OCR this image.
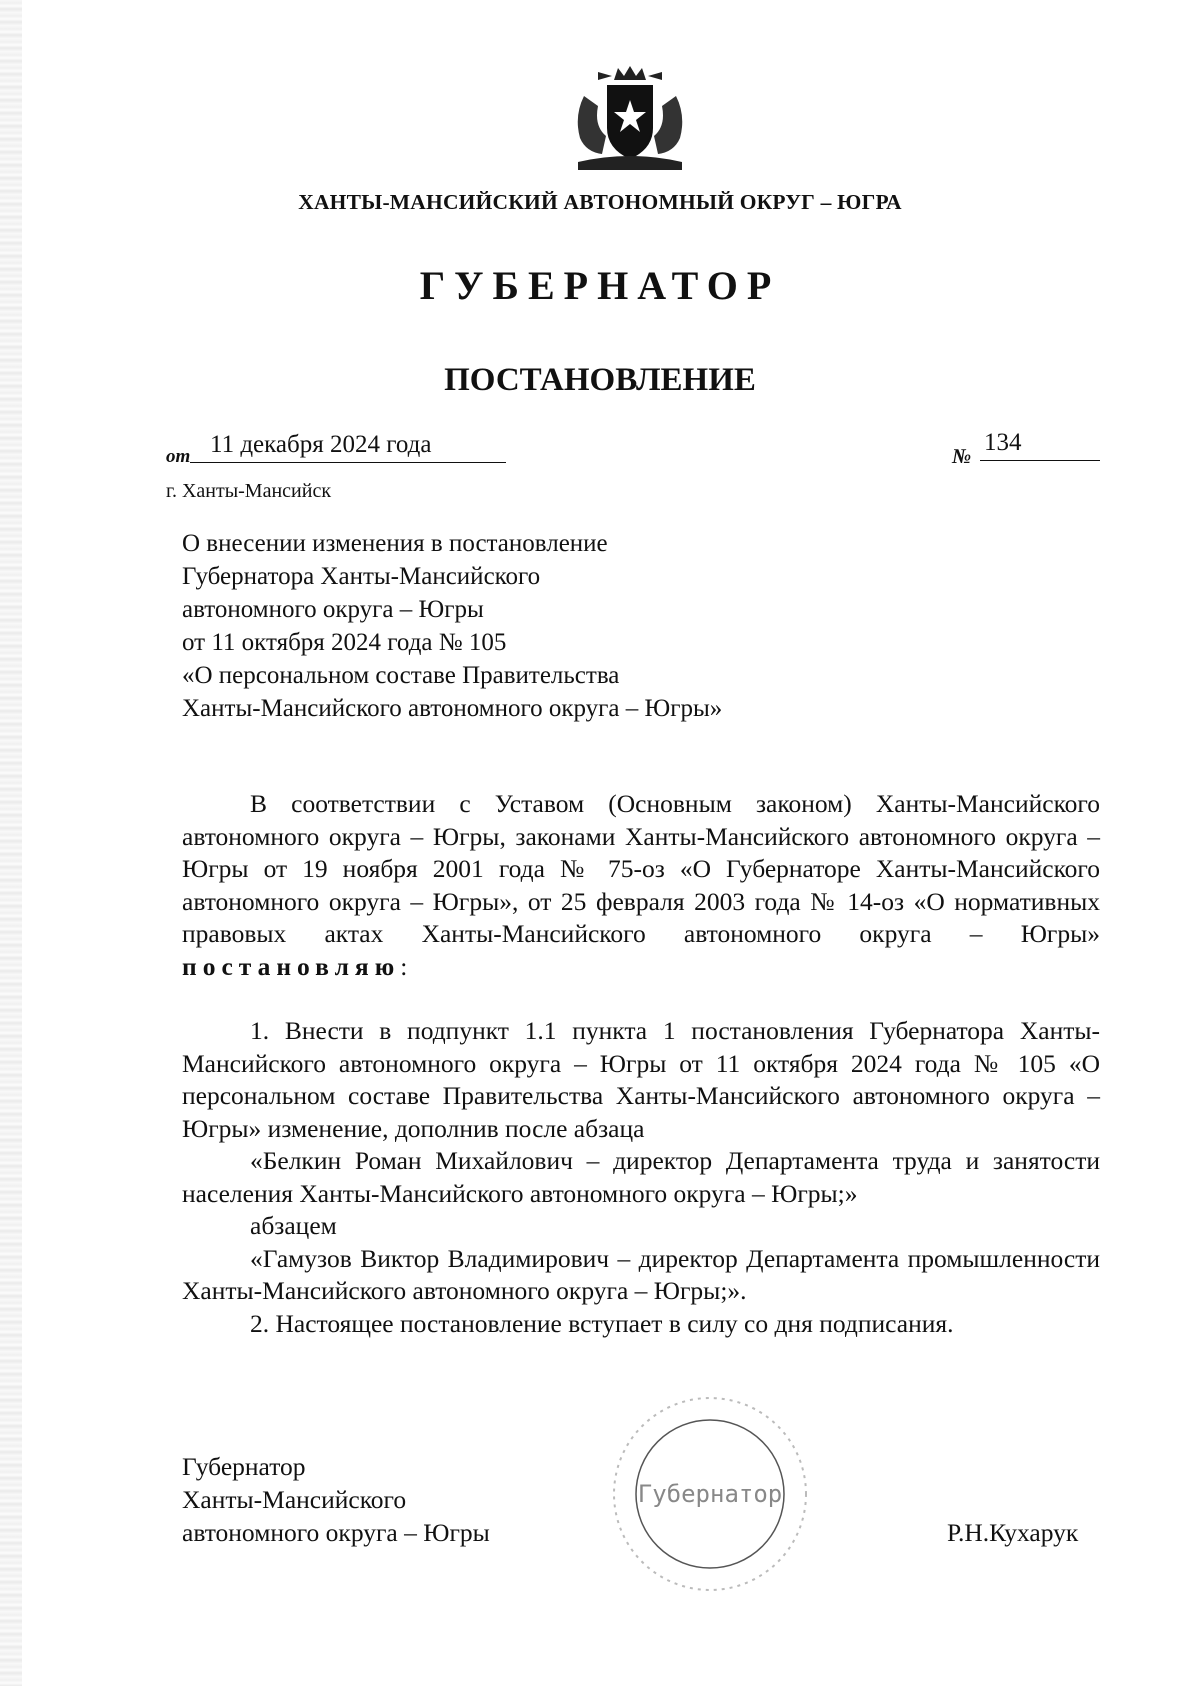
ХАНТЫ-МАНСИЙСКИЙ АВТОНОМНЫЙ ОКРУГ – ЮГРА
ГУБЕРНАТОР
ПОСТАНОВЛЕНИЕ
от 11 декабря 2024 года	№ 134
г. Ханты-Мансийск
О внесении изменения в постановление
Губернатора Ханты-Мансийского
автономного округа – Югры
от 11 октября 2024 года № 105
«О персональном составе Правительства
Ханты-Мансийского автономного округа – Югры»

В соответствии с Уставом (Основным законом) Ханты-Мансийского автономного округа – Югры, законами Ханты-Мансийского автономного округа – Югры от 19 ноября 2001 года № 75-оз «О Губернаторе Ханты-Мансийского автономного округа – Югры», от 25 февраля 2003 года № 14-оз «О нормативных правовых актах Ханты-Мансийского автономного округа – Югры» постановляю:

1. Внести в подпункт 1.1 пункта 1 постановления Губернатора Ханты-Мансийского автономного округа – Югры от 11 октября 2024 года № 105 «О персональном составе Правительства Ханты-Мансийского автономного округа – Югры» изменение, дополнив после абзаца

«Белкин Роман Михайлович – директор Департамента труда и занятости населения Ханты-Мансийского автономного округа – Югры;»

абзацем

«Гамузов Виктор Владимирович – директор Департамента промышленности Ханты-Мансийского автономного округа – Югры;».

2. Настоящее постановление вступает в силу со дня подписания.

Губернатор
Ханты-Мансийского
автономного округа – Югры
Губернатор
Р.Н.Кухарук
